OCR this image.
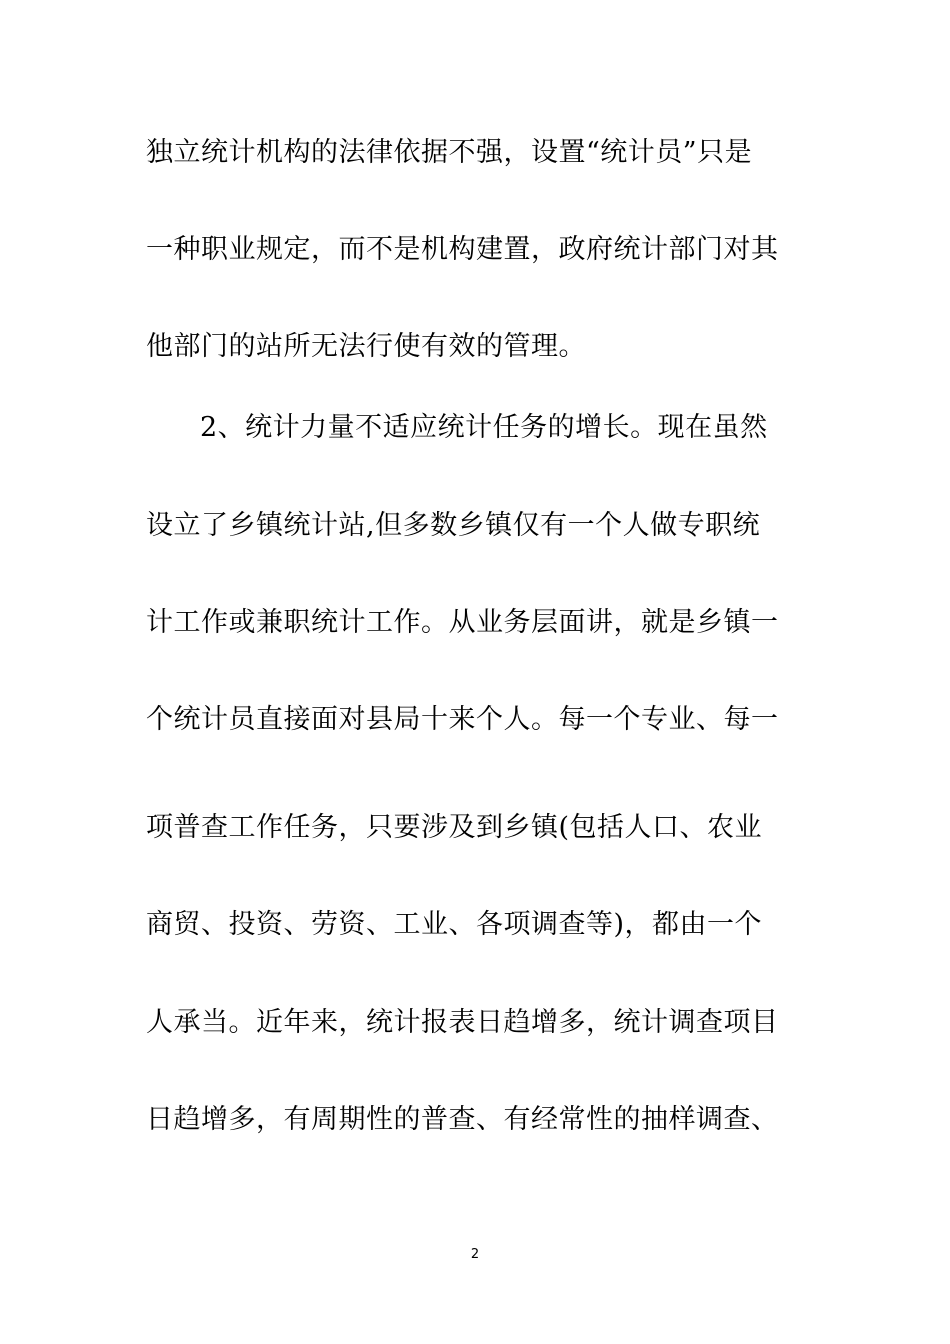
独立统计机构的法律依据不强，设置“统计员”只是
一种职业规定，而不是机构建置，政府统计部门对其
他部门的站所无法行使有效的管理。
2、统计力量不适应统计任务的增长。现在虽然
设立了乡镇统计站,但多数乡镇仅有一个人做专职统
计工作或兼职统计工作。从业务层面讲，就是乡镇一
个统计员直接面对县局十来个人。每一个专业、每一
项普查工作任务，只要涉及到乡镇(包括人口、农业
商贸、投资、劳资、工业、各项调查等)，都由一个
人承当。近年来，统计报表日趋增多，统计调查项目
日趋增多，有周期性的普查、有经常性的抽样调查、
2
